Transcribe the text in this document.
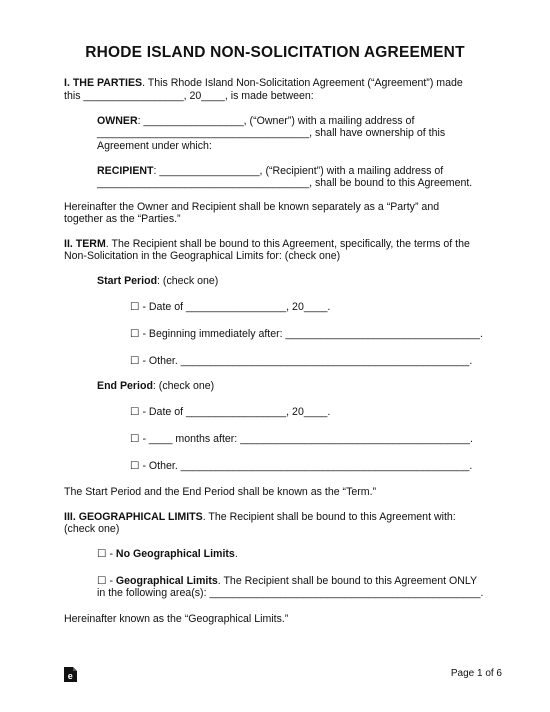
RHODE ISLAND NON-SOLICITATION AGREEMENT
I. THE PARTIES. This Rhode Island Non-Solicitation Agreement (“Agreement”) made
this _________________, 20____, is made between:
OWNER: _________________, (“Owner”) with a mailing address of
____________________________________, shall have ownership of this
Agreement under which:
RECIPIENT: _________________, (“Recipient”) with a mailing address of
____________________________________, shall be bound to this Agreement.
Hereinafter the Owner and Recipient shall be known separately as a “Party” and
together as the “Parties.”
II. TERM. The Recipient shall be bound to this Agreement, specifically, the terms of the
Non-Solicitation in the Geographical Limits for: (check one)
Start Period: (check one)
☐ - Date of _________________, 20____.
☐ - Beginning immediately after: _________________________________.
☐ - Other. _________________________________________________.
End Period: (check one)
☐ - Date of _________________, 20____.
☐ - ____ months after: _______________________________________.
☐ - Other. _________________________________________________.
The Start Period and the End Period shall be known as the “Term.”
III. GEOGRAPHICAL LIMITS. The Recipient shall be bound to this Agreement with:
(check one)
☐ - No Geographical Limits.
☐ - Geographical Limits. The Recipient shall be bound to this Agreement ONLY
in the following area(s): ______________________________________________.
Hereinafter known as the “Geographical Limits.”
e	Page 1 of 6
